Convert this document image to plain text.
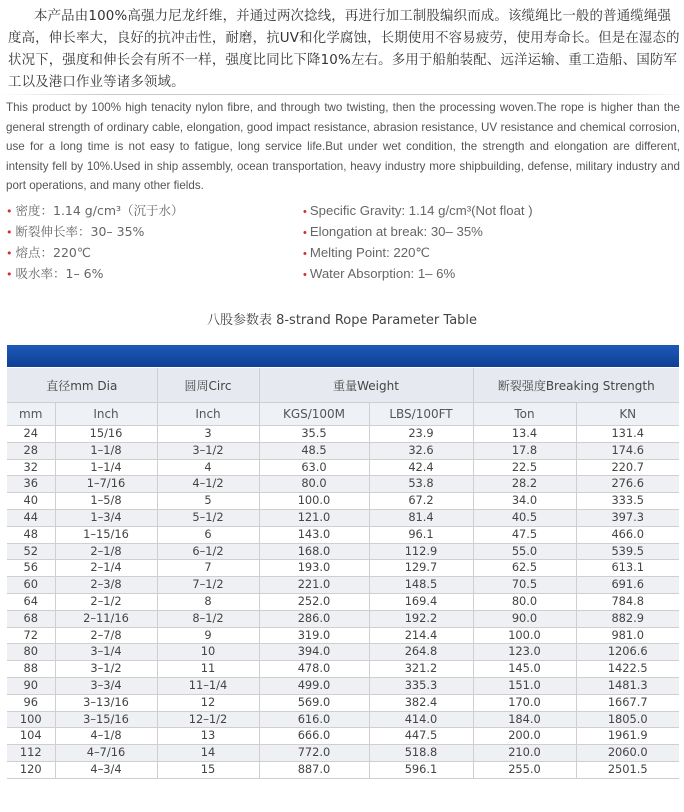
本产品由100%高强力尼龙纤维，并通过两次捻线，再进行加工制股编织而成。该缆绳比一般的普通缆绳强度高，伸长率大，良好的抗冲击性，耐磨，抗UV和化学腐蚀，长期使用不容易疲劳，使用寿命长。但是在湿态的状况下，强度和伸长会有所不一样，强度比同比下降10%左右。多用于船舶装配、远洋运输、重工造船、国防军工以及港口作业等诸多领域。

This product by 100% high tenacity nylon fibre, and through two twisting, then the processing woven.The rope is higher than the general strength of ordinary cable, elongation, good impact resistance, abrasion resistance, UV resistance and chemical corrosion, use for a long time is not easy to fatigue, long service life.But under wet condition, the strength and elongation are different, intensity fell by 10%.Used in ship assembly, ocean transportation, heavy industry more shipbuilding, defense, military industry and port operations, and many other fields.

• 密度：1.14 g/cm³（沉于水）
• 断裂伸长率：30– 35%
• 熔点：220℃
• 吸水率：1– 6%
• Specific Gravity: 1.14 g/cm³(Not float )
• Elongation at break: 30– 35%
• Melting Point: 220℃
• Water Absorption: 1– 6%
八股参数表 8-strand Rope Parameter Table
直径mm Dia		圆周Circ	重量Weight		断裂强度Breaking Strength	
mm	Inch	Inch	KGS/100M	LBS/100FT	Ton	KN
24	15/16	3	35.5	23.9	13.4	131.4
28	1–1/8	3–1/2	48.5	32.6	17.8	174.6
32	1–1/4	4	63.0	42.4	22.5	220.7
36	1–7/16	4–1/2	80.0	53.8	28.2	276.6
40	1–5/8	5	100.0	67.2	34.0	333.5
44	1–3/4	5–1/2	121.0	81.4	40.5	397.3
48	1–15/16	6	143.0	96.1	47.5	466.0
52	2–1/8	6–1/2	168.0	112.9	55.0	539.5
56	2–1/4	7	193.0	129.7	62.5	613.1
60	2–3/8	7–1/2	221.0	148.5	70.5	691.6
64	2–1/2	8	252.0	169.4	80.0	784.8
68	2–11/16	8–1/2	286.0	192.2	90.0	882.9
72	2–7/8	9	319.0	214.4	100.0	981.0
80	3–1/4	10	394.0	264.8	123.0	1206.6
88	3–1/2	11	478.0	321.2	145.0	1422.5
90	3–3/4	11–1/4	499.0	335.3	151.0	1481.3
96	3–13/16	12	569.0	382.4	170.0	1667.7
100	3–15/16	12–1/2	616.0	414.0	184.0	1805.0
104	4–1/8	13	666.0	447.5	200.0	1961.9
112	4–7/16	14	772.0	518.8	210.0	2060.0
120	4–3/4	15	887.0	596.1	255.0	2501.5
